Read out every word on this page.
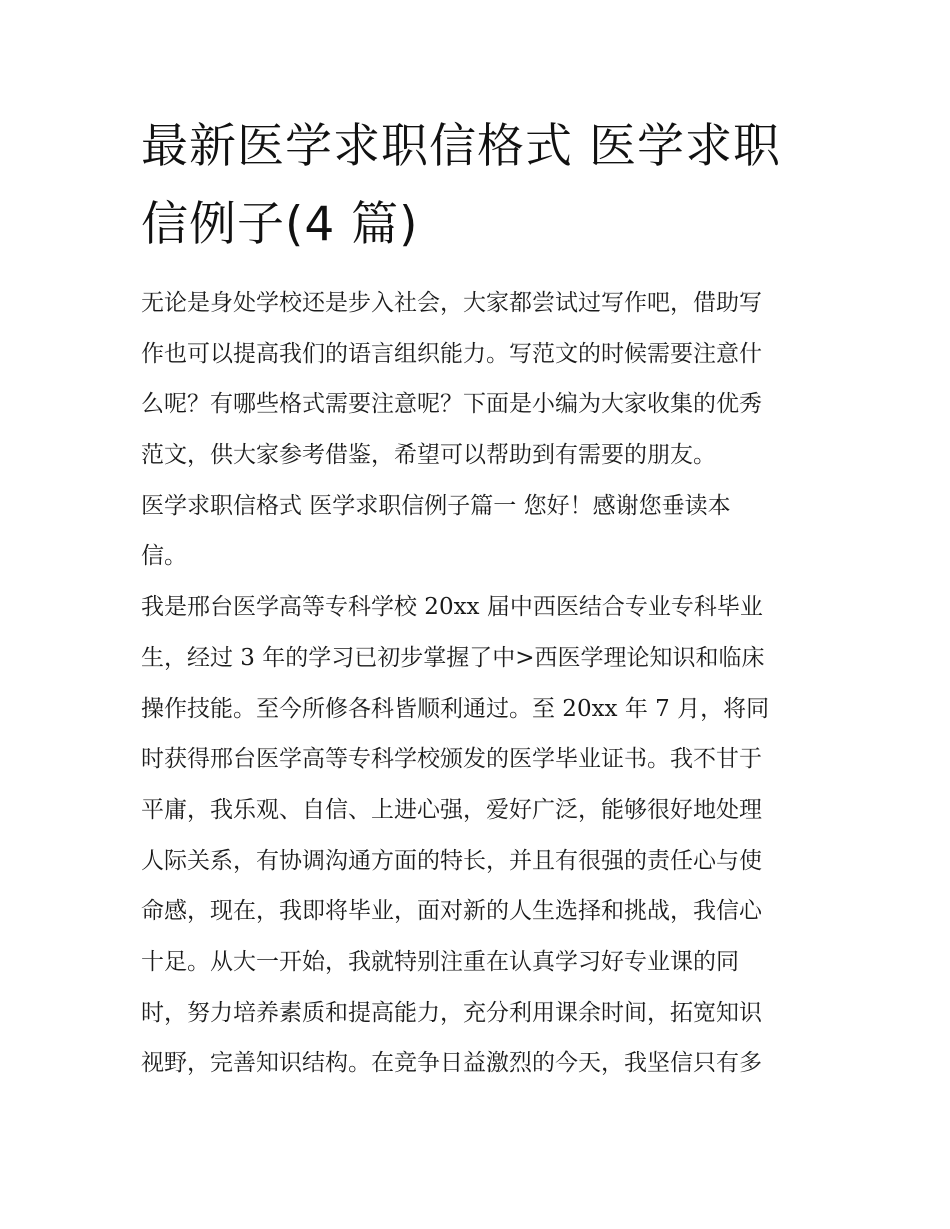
最新医学求职信格式 医学求职
信例子(4 篇)
无论是身处学校还是步入社会，大家都尝试过写作吧，借助写
作也可以提高我们的语言组织能力。写范文的时候需要注意什
么呢？有哪些格式需要注意呢？下面是小编为大家收集的优秀
范文，供大家参考借鉴，希望可以帮助到有需要的朋友。
医学求职信格式 医学求职信例子篇一 您好！感谢您垂读本
信。
我是邢台医学高等专科学校 20xx 届中西医结合专业专科毕业
生，经过 3 年的学习已初步掌握了中>西医学理论知识和临床
操作技能。至今所修各科皆顺利通过。至 20xx 年 7 月，将同
时获得邢台医学高等专科学校颁发的医学毕业证书。我不甘于
平庸，我乐观、自信、上进心强，爱好广泛，能够很好地处理
人际关系，有协调沟通方面的特长，并且有很强的责任心与使
命感，现在，我即将毕业，面对新的人生选择和挑战，我信心
十足。从大一开始，我就特别注重在认真学习好专业课的同
时，努力培养素质和提高能力，充分利用课余时间，拓宽知识
视野，完善知识结构。在竞争日益激烈的今天，我坚信只有多
